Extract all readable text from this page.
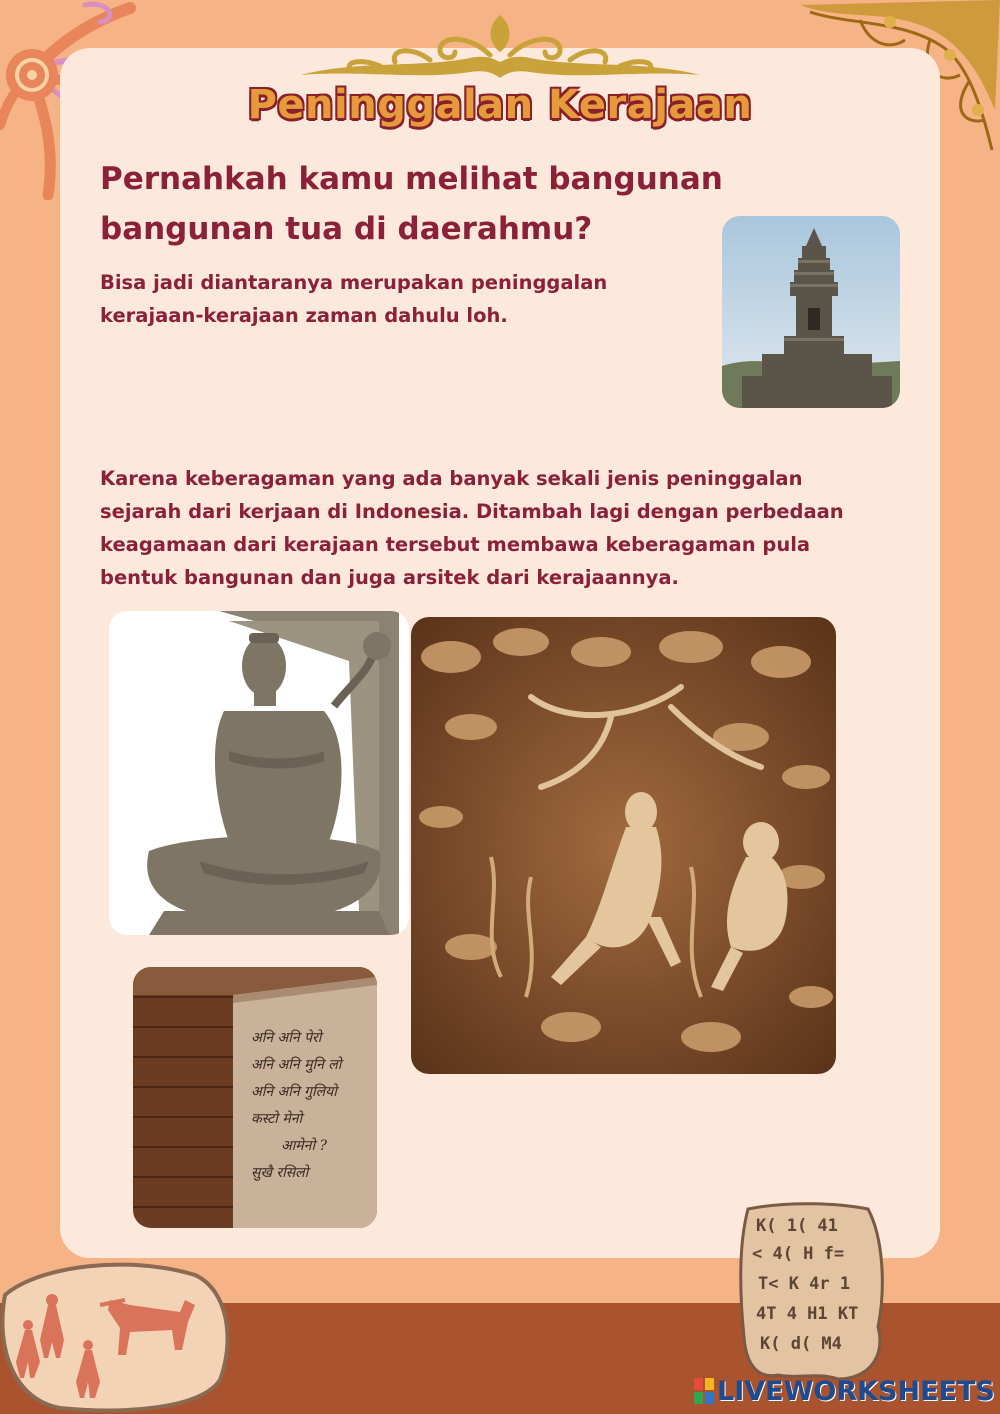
Peninggalan Kerajaan
Pernahkah kamu melihat bangunan bangunan tua di daerahmu?
Bisa jadi diantaranya merupakan peninggalan kerajaan-kerajaan zaman dahulu loh.
Karena keberagaman yang ada banyak sekali jenis peninggalan sejarah dari kerjaan di Indonesia. Ditambah lagi dengan perbedaan keagamaan dari kerajaan tersebut membawa keberagaman pula bentuk bangunan dan juga arsitek dari kerajaannya.
अनि अनि पेरो
अनि अनि मुनि लो
अनि अनि गुलियो
कस्टो मेनो
आमेनो ?
सुखै रसिलो
K( 1( 41
< 4( H f=
T< K 4r 1
4T 4 H1 KT
K( d( M4
LIVEWORKSHEETS
